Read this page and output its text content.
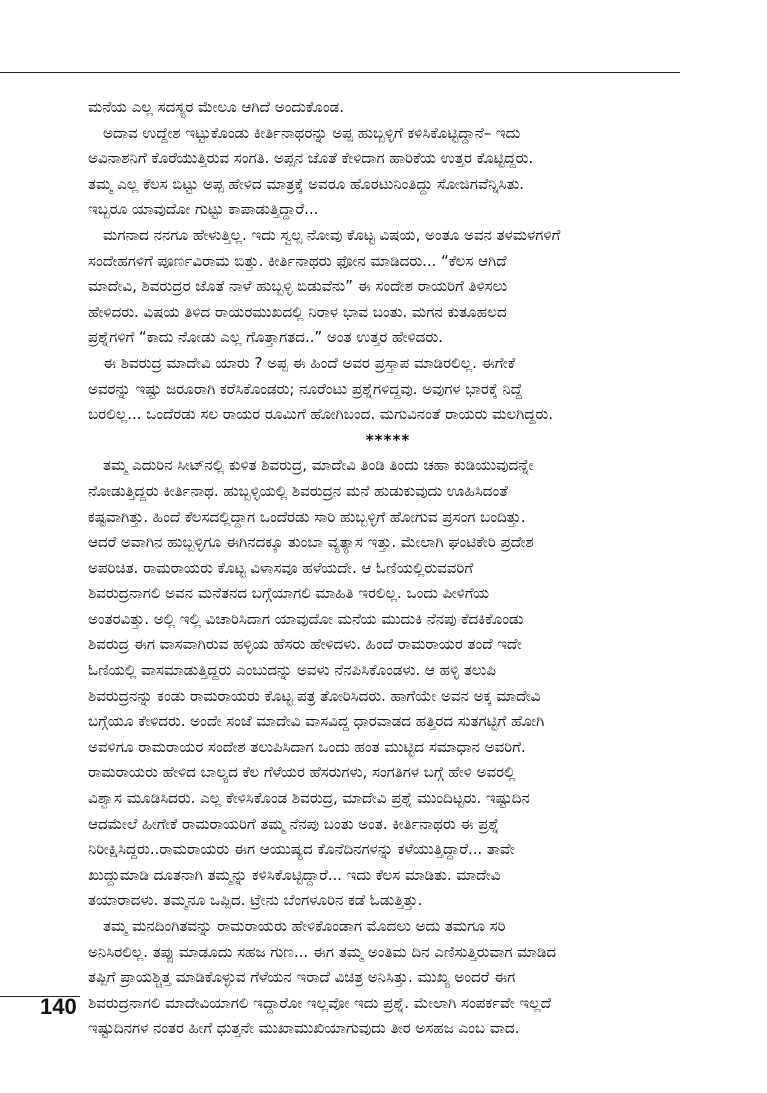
ಮನೆಯ ಎಲ್ಲ ಸದಸ್ಯರ ಮೇಲೂ ಆಗಿದೆ ಅಂದುಕೊಂಡ.
ಅದಾವ ಉದ್ದೇಶ ಇಟ್ಟುಕೊಂಡು ಕೀರ್ತಿನಾಥರನ್ನು ಅಪ್ಪ ಹುಬ್ಬಳ್ಳಿಗೆ ಕಳಿಸಿಕೊಟ್ಟಿದ್ದಾನೆ– ಇದು
ಅವಿನಾಶನಿಗೆ ಕೊರೆಯುತ್ತಿರುವ ಸಂಗತಿ. ಅಪ್ಪನ ಜೊತೆ ಕೇಳಿದಾಗ ಹಾರಿಕೆಯ ಉತ್ತರ ಕೊಟ್ಟಿದ್ದರು.
ತಮ್ಮ ಎಲ್ಲ ಕೆಲಸ ಬಿಟ್ಟು ಅಪ್ಪ ಹೇಳಿದ ಮಾತ್ರಕ್ಕೆ ಅವರೂ ಹೊರಟುನಿಂತಿದ್ದು ಸೋಜಿಗವೆನ್ನಿಸಿತು.
ಇಬ್ಬರೂ ಯಾವುದೋ ಗುಟ್ಟು ಕಾಪಾಡುತ್ತಿದ್ದಾರೆ...
ಮಗನಾದ ನನಗೂ ಹೇಳುತ್ತಿಲ್ಲ. ಇದು ಸ್ವಲ್ಪ ನೋವು ಕೊಟ್ಟ ವಿಷಯ, ಅಂತೂ ಅವನ ತಳಮಳಗಳಿಗೆ
ಸಂದೇಹಗಳಿಗೆ ಪೂರ್ಣವಿರಾಮ ಬಿತ್ತು. ಕೀರ್ತಿನಾಥರು ಫೋನ ಮಾಡಿದರು... “ಕೆಲಸ ಆಗಿದೆ
ಮಾದೇವಿ, ಶಿವರುದ್ರರ ಜೊತೆ ನಾಳೆ ಹುಬ್ಬಳ್ಳಿ ಬಿಡುವೆನು” ಈ ಸಂದೇಶ ರಾಯರಿಗೆ ತಿಳಿಸಲು
ಹೇಳಿದರು. ವಿಷಯ ತಿಳಿದ ರಾಯರಮುಖದಲ್ಲಿ ನಿರಾಳ ಭಾವ ಬಂತು. ಮಗನ ಕುತೂಹಲದ
ಪ್ರಶ್ನೆಗಳಿಗೆ “ಕಾದು ನೋಡು ಎಲ್ಲ ಗೊತ್ತಾಗತದ..” ಅಂತ ಉತ್ತರ ಹೇಳಿದರು.
ಈ ಶಿವರುದ್ರ ಮಾದೇವಿ ಯಾರು ? ಅಪ್ಪ ಈ ಹಿಂದೆ ಅವರ ಪ್ರಸ್ತಾಪ ಮಾಡಿರಲಿಲ್ಲ. ಈಗೇಕೆ
ಅವರನ್ನು ಇಷ್ಟು ಜರೂರಾಗಿ ಕರೆಸಿಕೊಂಡರು; ನೂರೆಂಟು ಪ್ರಶ್ನೆಗಳಿದ್ದವು. ಅವುಗಳ ಭಾರಕ್ಕೆ ನಿದ್ದೆ
ಬರಲಿಲ್ಲ... ಒಂದೆರಡು ಸಲ ರಾಯರ ರೂಮಿಗೆ ಹೋಗಿಬಂದ. ಮಗುವಿನಂತೆ ರಾಯರು ಮಲಗಿದ್ದರು.
*****
ತಮ್ಮ ಎದುರಿನ ಸೀಟ್‌ನಲ್ಲಿ ಕುಳಿತ ಶಿವರುದ್ರ, ಮಾದೇವಿ ತಿಂಡಿ ತಿಂದು ಚಹಾ ಕುಡಿಯುವುದನ್ನೇ
ನೋಡುತ್ತಿದ್ದರು ಕೀರ್ತಿನಾಥ. ಹುಬ್ಬಳ್ಳಿಯಲ್ಲಿ ಶಿವರುದ್ರನ ಮನೆ ಹುಡುಕುವುದು ಊಹಿಸಿದಂತೆ
ಕಷ್ಟವಾಗಿತ್ತು. ಹಿಂದೆ ಕೆಲಸದಲ್ಲಿದ್ದಾಗ ಒಂದೆರಡು ಸಾರಿ ಹುಬ್ಬಳ್ಳಿಗೆ ಹೋಗುವ ಪ್ರಸಂಗ ಬಂದಿತ್ತು.
ಆದರೆ ಅವಾಗಿನ ಹುಬ್ಬಳ್ಳಿಗೂ ಈಗಿನದಕ್ಕೂ ತುಂಬಾ ವ್ಯತ್ಯಾಸ ಇತ್ತು. ಮೇಲಾಗಿ ಘಂಟಿಕೇರಿ ಪ್ರದೇಶ
ಅಪರಿಚಿತ. ರಾಮರಾಯರು ಕೊಟ್ಟ ವಿಳಾಸವೂ ಹಳೆಯದೇ. ಆ ಓಣಿಯಲ್ಲಿರುವವರಿಗೆ
ಶಿವರುದ್ರನಾಗಲಿ ಅವನ ಮನೆತನದ ಬಗ್ಗೆಯಾಗಲಿ ಮಾಹಿತಿ ಇರಲಿಲ್ಲ. ಒಂದು ಪೀಳಿಗೆಯ
ಅಂತರವಿತ್ತು. ಅಲ್ಲಿ ಇಲ್ಲಿ ವಿಚಾರಿಸಿದಾಗ ಯಾವುದೋ ಮನೆಯ ಮುದುಕಿ ನೆನಪು ಕೆದಕಿಕೊಂಡು
ಶಿವರುದ್ರ ಈಗ ವಾಸವಾಗಿರುವ ಹಳ್ಳಿಯ ಹೆಸರು ಹೇಳಿದಳು. ಹಿಂದೆ ರಾಮರಾಯರ ತಂದೆ ಇದೇ
ಓಣಿಯಲ್ಲಿ ವಾಸಮಾಡುತ್ತಿದ್ದರು ಎಂಬುದನ್ನು ಅವಳು ನೆನಪಿಸಿಕೊಂಡಳು. ಆ ಹಳ್ಳಿ ತಲುಪಿ
ಶಿವರುದ್ರನನ್ನು ಕಂಡು ರಾಮರಾಯರು ಕೊಟ್ಟ ಪತ್ರ ತೋರಿಸಿದರು. ಹಾಗೆಯೇ ಅವನ ಅಕ್ಕ ಮಾದೇವಿ
ಬಗ್ಗೆಯೂ ಕೇಳಿದರು. ಅಂದೇ ಸಂಜೆ ಮಾದೇವಿ ವಾಸವಿದ್ದ ಧಾರವಾಡದ ಹತ್ತಿರದ ಸುತಗಟ್ಟಿಗೆ ಹೋಗಿ
ಅವಳಿಗೂ ರಾಮರಾಯರ ಸಂದೇಶ ತಲುಪಿಸಿದಾಗ ಒಂದು ಹಂತ ಮುಟ್ಟಿದ ಸಮಾಧಾನ ಅವರಿಗೆ.
ರಾಮರಾಯರು ಹೇಳಿದ ಬಾಲ್ಯದ ಕೆಲ ಗೆಳೆಯರ ಹೆಸರುಗಳು, ಸಂಗತಿಗಳ ಬಗ್ಗೆ ಹೇಳಿ ಅವರಲ್ಲಿ
ವಿಶ್ವಾಸ ಮೂಡಿಸಿದರು. ಎಲ್ಲ ಕೇಳಿಸಿಕೊಂಡ ಶಿವರುದ್ರ, ಮಾದೇವಿ ಪ್ರಶ್ನೆ ಮುಂದಿಟ್ಟರು. ಇಷ್ಟುದಿನ
ಆದಮೇಲೆ ಹೀಗೇಕೆ ರಾಮರಾಯರಿಗೆ ತಮ್ಮ ನೆನಪು ಬಂತು ಅಂತ. ಕೀರ್ತಿನಾಥರು ಈ ಪ್ರಶ್ನೆ
ನಿರೀಕ್ಷಿಸಿದ್ದರು..ರಾಮರಾಯರು ಈಗ ಆಯುಷ್ಯದ ಕೊನೆದಿನಗಳನ್ನು ಕಳೆಯುತ್ತಿದ್ದಾರೆ... ತಾವೇ
ಖುದ್ದುಮಾಡಿ ದೂತನಾಗಿ ತಮ್ಮನ್ನು ಕಳಿಸಿಕೊಟ್ಟಿದ್ದಾರೆ... ಇದು ಕೆಲಸ ಮಾಡಿತು. ಮಾದೇವಿ
ತಯಾರಾದಳು. ತಮ್ಮನೂ ಒಪ್ಪಿದ. ಟ್ರೇನು ಬೆಂಗಳೂರಿನ ಕಡೆ ಓಡುತ್ತಿತ್ತು.
ತಮ್ಮ ಮನದಿಂಗಿತವನ್ನು ರಾಮರಾಯರು ಹೇಳಿಕೊಂಡಾಗ ಮೊದಲು ಅದು ತಮಗೂ ಸರಿ
ಅನಿಸಿರಲಿಲ್ಲ. ತಪ್ಪು ಮಾಡೂದು ಸಹಜ ಗುಣ... ಈಗ ತಮ್ಮ ಅಂತಿಮ ದಿನ ಎಣಿಸುತ್ತಿರುವಾಗ ಮಾಡಿದ
ತಪ್ಪಿಗೆ ಪ್ರಾಯಶ್ಚಿತ್ತ ಮಾಡಿಕೊಳ್ಳುವ ಗೆಳೆಯನ ಇರಾದೆ ವಿಚಿತ್ರ ಅನಿಸಿತ್ತು. ಮುಖ್ಯ ಅಂದರೆ ಈಗ
ಶಿವರುದ್ರನಾಗಲಿ ಮಾದೇವಿಯಾಗಲಿ ಇದ್ದಾರೋ ಇಲ್ಲವೋ ಇದು ಪ್ರಶ್ನೆ. ಮೇಲಾಗಿ ಸಂಪರ್ಕವೇ ಇಲ್ಲದೆ
ಇಷ್ಟುದಿನಗಳ ನಂತರ ಹೀಗೆ ಧುತ್ತನೇ ಮುಖಾಮುಖಿಯಾಗುವುದು ತೀರ ಅಸಹಜ ಎಂಬ ವಾದ.
140
